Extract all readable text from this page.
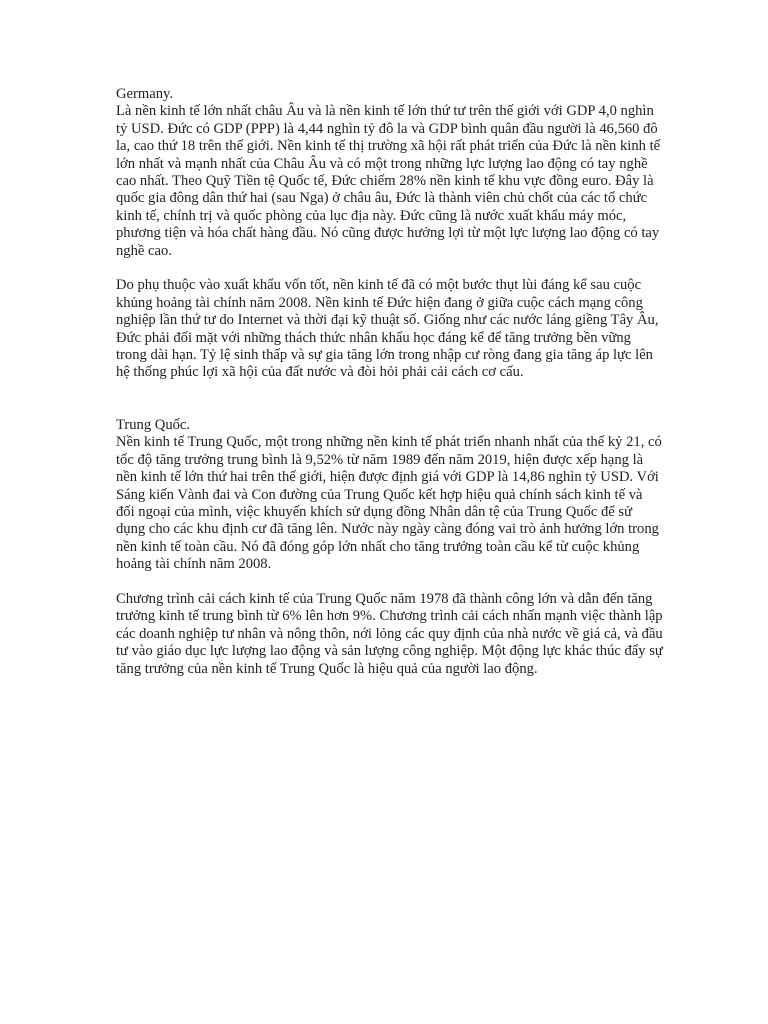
Germany.

Là nền kinh tế lớn nhất châu Âu và là nền kinh tế lớn thứ tư trên thế giới với GDP 4,0 nghìn tỷ USD. Đức có GDP (PPP) là 4,44 nghìn tỷ đô la và GDP bình quân đầu người là 46,560 đô la, cao thứ 18 trên thế giới. Nền kinh tế thị trường xã hội rất phát triển của Đức là nền kinh tế lớn nhất và mạnh nhất của Châu Âu và có một trong những lực lượng lao động có tay nghề cao nhất. Theo Quỹ Tiền tệ Quốc tế, Đức chiếm 28% nền kinh tế khu vực đồng euro. Đây là quốc gia đông dân thứ hai (sau Nga) ở châu âu, Đức là thành viên chủ chốt của các tổ chức kinh tế, chính trị và quốc phòng của lục địa này. Đức cũng là nước xuất khẩu máy móc, phương tiện và hóa chất hàng đầu. Nó cũng được hưởng lợi từ một lực lượng lao động có tay nghề cao.

Do phụ thuộc vào xuất khẩu vốn tốt, nền kinh tế đã có một bước thụt lùi đáng kể sau cuộc khủng hoảng tài chính năm 2008. Nền kinh tế Đức hiện đang ở giữa cuộc cách mạng công nghiệp lần thứ tư do Internet và thời đại kỹ thuật số. Giống như các nước láng giềng Tây Âu, Đức phải đối mặt với những thách thức nhân khẩu học đáng kể để tăng trưởng bền vững trong dài hạn. Tỷ lệ sinh thấp và sự gia tăng lớn trong nhập cư ròng đang gia tăng áp lực lên hệ thống phúc lợi xã hội của đất nước và đòi hỏi phải cải cách cơ cấu.

Trung Quốc.

Nền kinh tế Trung Quốc, một trong những nền kinh tế phát triển nhanh nhất của thế kỷ 21, có tốc độ tăng trưởng trung bình là 9,52% từ năm 1989 đến năm 2019, hiện được xếp hạng là nền kinh tế lớn thứ hai trên thế giới, hiện được định giá với GDP là 14,86 nghìn tỷ USD. Với Sáng kiến Vành đai và Con đường của Trung Quốc kết hợp hiệu quả chính sách kinh tế và đối ngoại của mình, việc khuyến khích sử dụng đồng Nhân dân tệ của Trung Quốc để sử dụng cho các khu định cư đã tăng lên. Nước này ngày càng đóng vai trò ảnh hưởng lớn trong nền kinh tế toàn cầu. Nó đã đóng góp lớn nhất cho tăng trưởng toàn cầu kể từ cuộc khủng hoảng tài chính năm 2008.

Chương trình cải cách kinh tế của Trung Quốc năm 1978 đã thành công lớn và dẫn đến tăng trưởng kinh tế trung bình từ 6% lên hơn 9%. Chương trình cải cách nhấn mạnh việc thành lập các doanh nghiệp tư nhân và nông thôn, nới lỏng các quy định của nhà nước về giá cả, và đầu tư vào giáo dục lực lượng lao động và sản lượng công nghiệp. Một động lực khác thúc đẩy sự tăng trưởng của nền kinh tế Trung Quốc là hiệu quả của người lao động.
